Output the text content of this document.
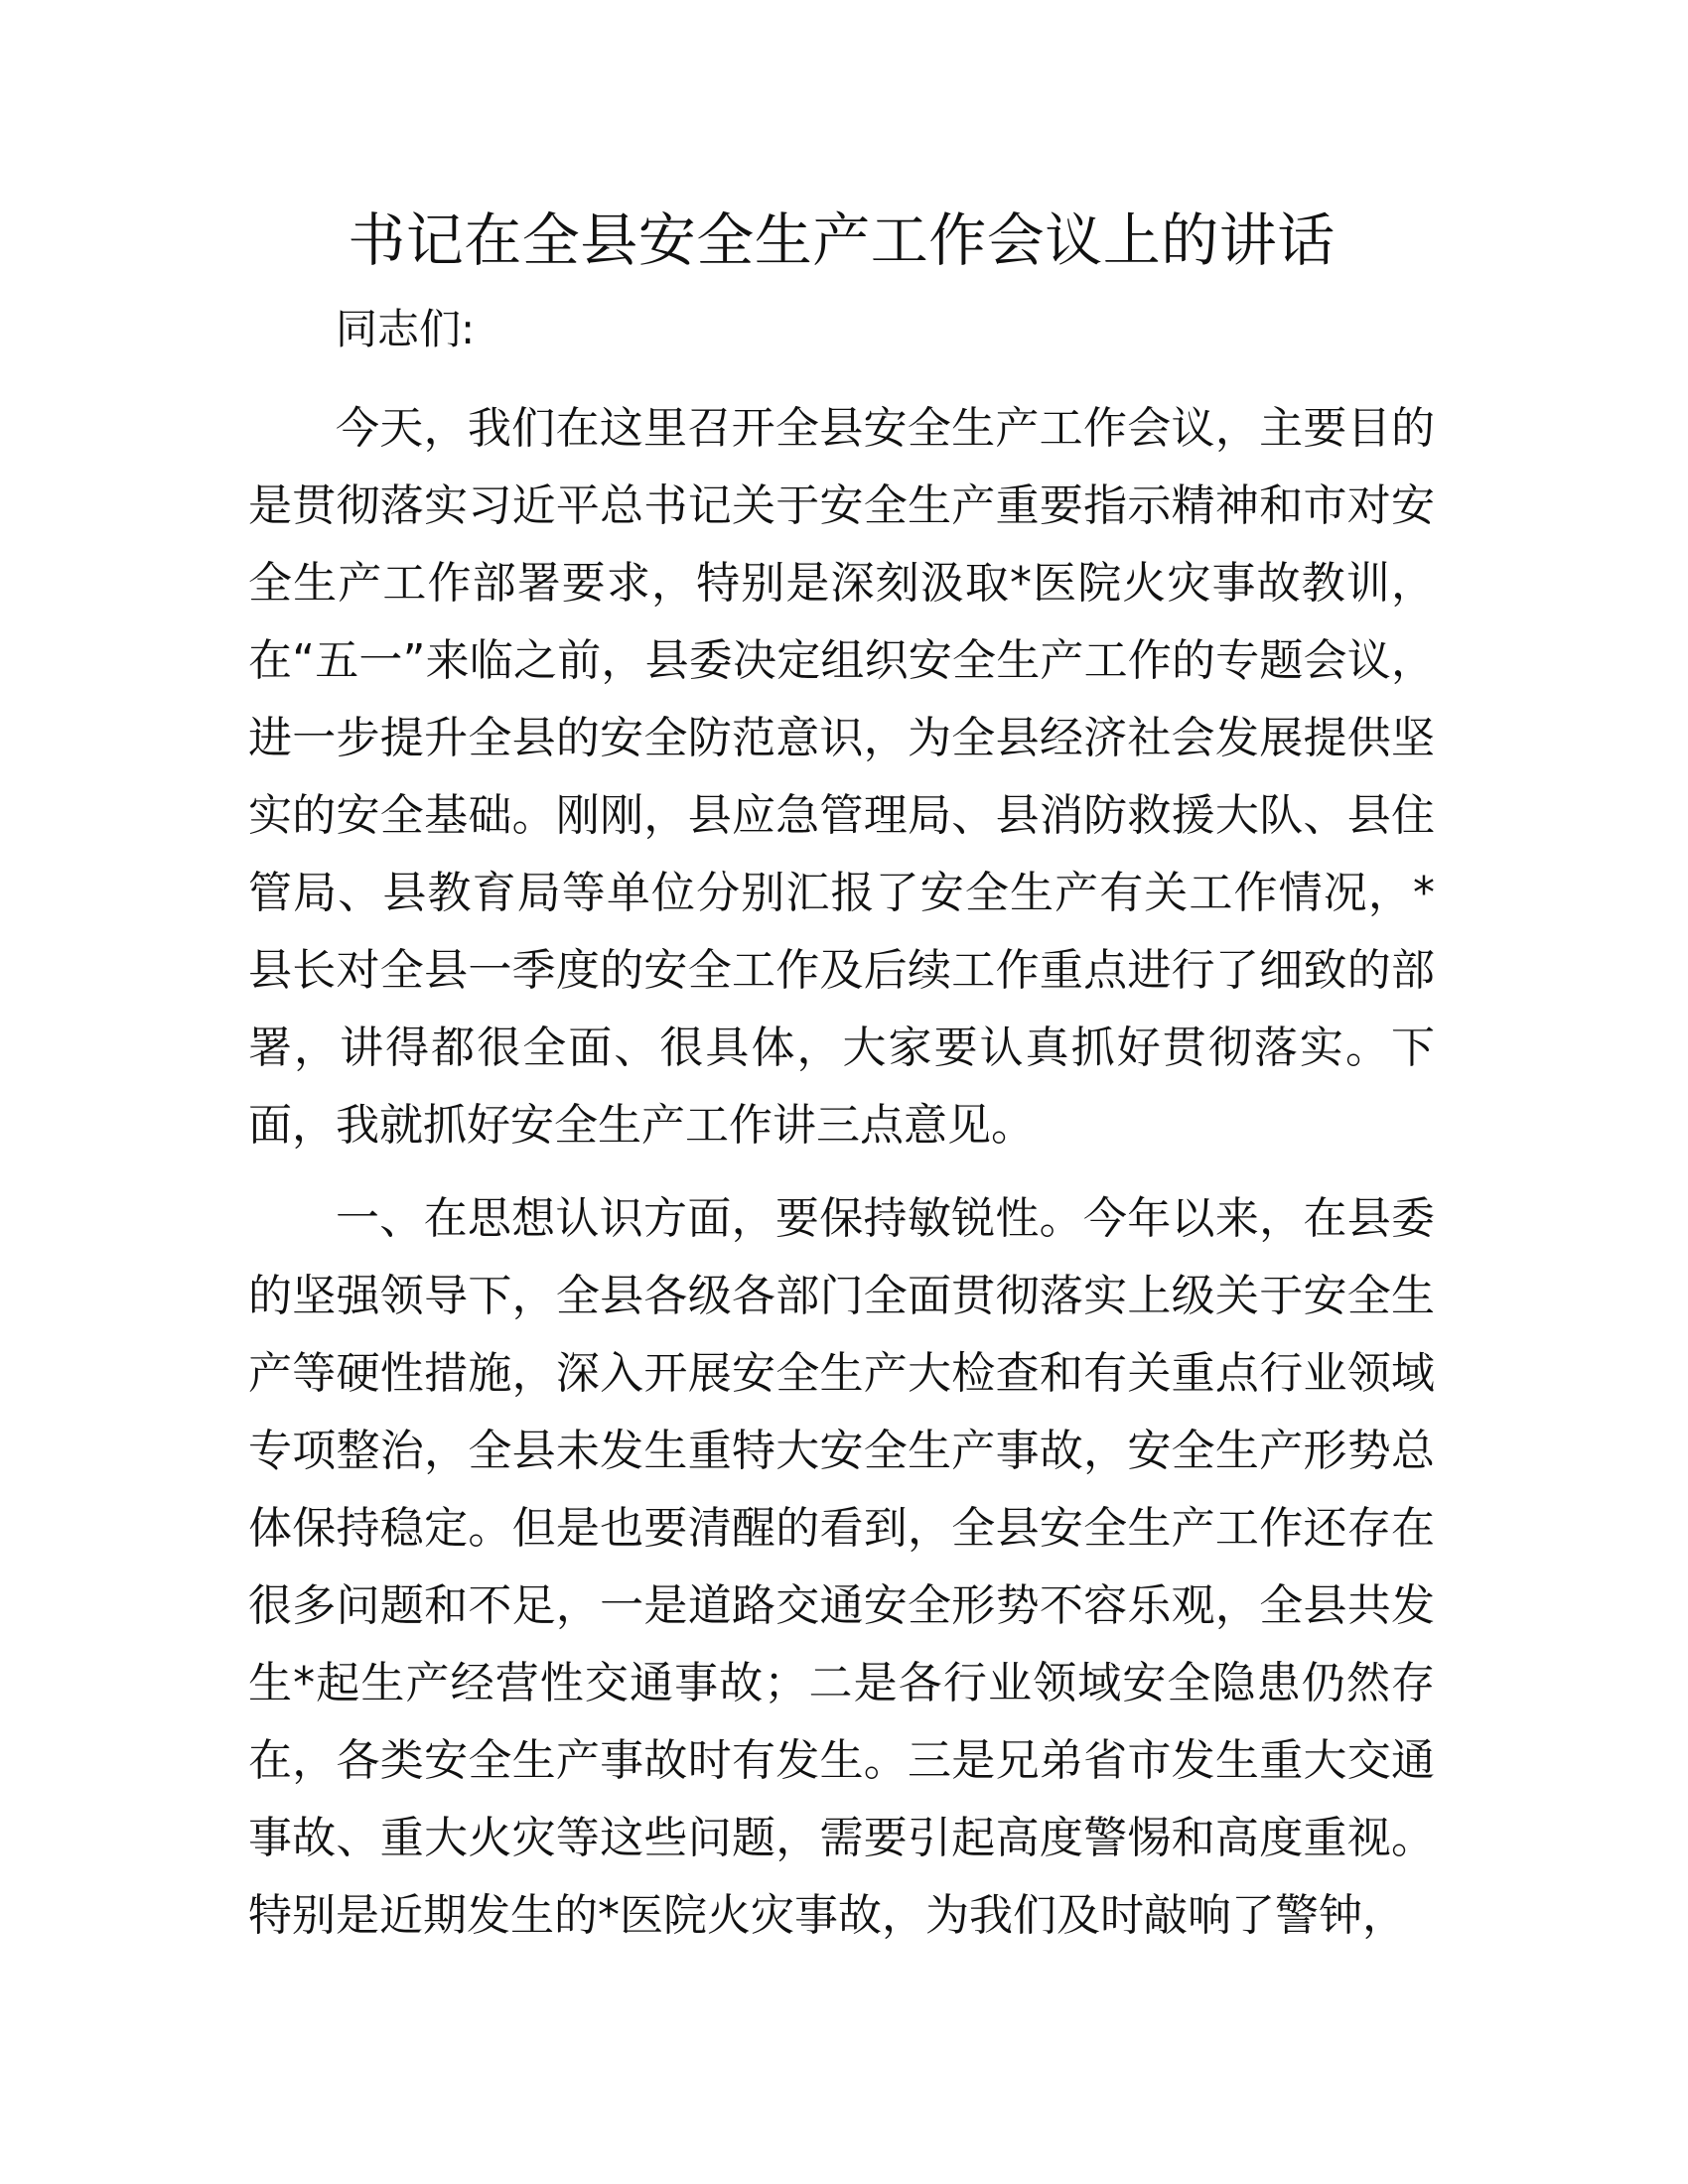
书记在全县安全生产工作会议上的讲话

同志们:

今天，我们在这里召开全县安全生产工作会议，主要目的是贯彻落实习近平总书记关于安全生产重要指示精神和市对安全生产工作部署要求，特别是深刻汲取*医院火灾事故教训，在“五一”来临之前，县委决定组织安全生产工作的专题会议，进一步提升全县的安全防范意识，为全县经济社会发展提供坚实的安全基础。刚刚，县应急管理局、县消防救援大队、县住管局、县教育局等单位分别汇报了安全生产有关工作情况，*县长对全县一季度的安全工作及后续工作重点进行了细致的部署，讲得都很全面、很具体，大家要认真抓好贯彻落实。下面，我就抓好安全生产工作讲三点意见。

一、在思想认识方面，要保持敏锐性。今年以来，在县委的坚强领导下，全县各级各部门全面贯彻落实上级关于安全生产等硬性措施，深入开展安全生产大检查和有关重点行业领域专项整治，全县未发生重特大安全生产事故，安全生产形势总体保持稳定。但是也要清醒的看到，全县安全生产工作还存在很多问题和不足，一是道路交通安全形势不容乐观，全县共发生*起生产经营性交通事故；二是各行业领域安全隐患仍然存在，各类安全生产事故时有发生。三是兄弟省市发生重大交通事故、重大火灾等这些问题，需要引起高度警惕和高度重视。特别是近期发生的*医院火灾事故，为我们及时敲响了警钟，
